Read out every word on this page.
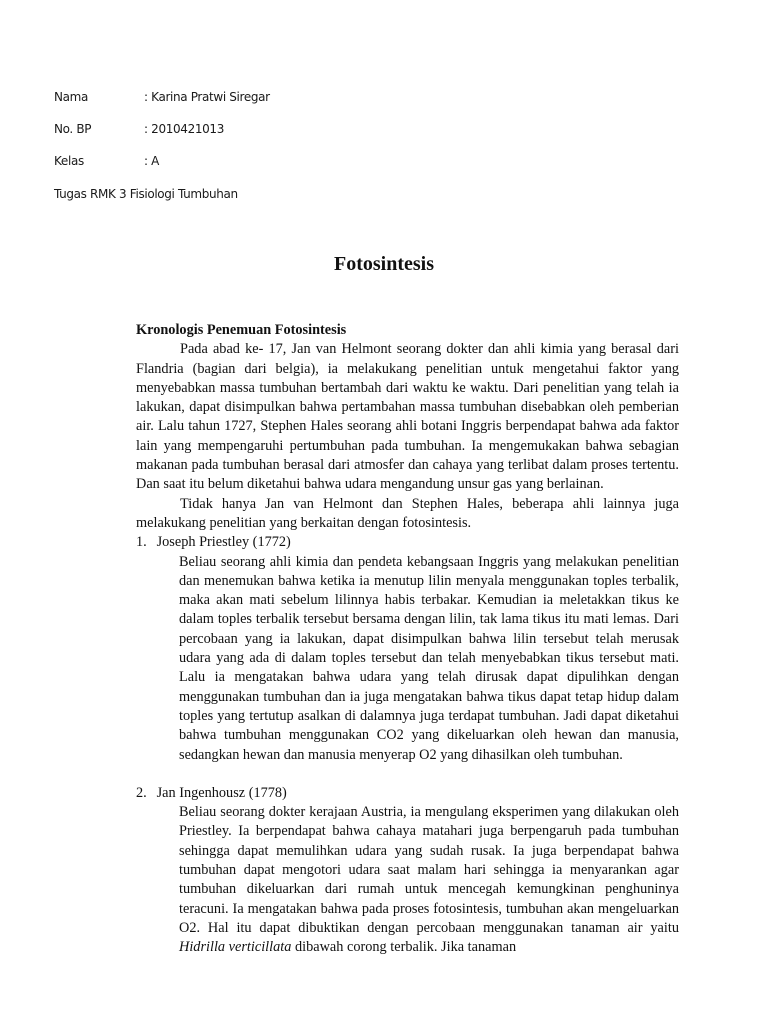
Nama	: Karina Pratwi Siregar
No. BP	: 2010421013
Kelas	: A
Tugas RMK 3 Fisiologi Tumbuhan
Fotosintesis

Kronologis Penemuan Fotosintesis

Pada abad ke- 17, Jan van Helmont seorang dokter dan ahli kimia yang berasal dari Flandria (bagian dari belgia), ia melakukang penelitian untuk mengetahui faktor yang menyebabkan massa tumbuhan bertambah dari waktu ke waktu. Dari penelitian yang telah ia lakukan, dapat disimpulkan bahwa pertambahan massa tumbuhan disebabkan oleh pemberian air. Lalu tahun 1727, Stephen Hales seorang ahli botani Inggris berpendapat bahwa ada faktor lain yang mempengaruhi pertumbuhan pada tumbuhan. Ia mengemukakan bahwa sebagian makanan pada tumbuhan berasal dari atmosfer dan cahaya yang terlibat dalam proses tertentu. Dan saat itu belum diketahui bahwa udara mengandung unsur gas yang berlainan.

Tidak hanya Jan van Helmont dan Stephen Hales, beberapa ahli lainnya juga melakukang penelitian yang berkaitan dengan fotosintesis.

1. Joseph Priestley (1772)

Beliau seorang ahli kimia dan pendeta kebangsaan Inggris yang melakukan penelitian dan menemukan bahwa ketika ia menutup lilin menyala menggunakan toples terbalik, maka akan mati sebelum lilinnya habis terbakar. Kemudian ia meletakkan tikus ke dalam toples terbalik tersebut bersama dengan lilin, tak lama tikus itu mati lemas. Dari percobaan yang ia lakukan, dapat disimpulkan bahwa lilin tersebut telah merusak udara yang ada di dalam toples tersebut dan telah menyebabkan tikus tersebut mati. Lalu ia mengatakan bahwa udara yang telah dirusak dapat dipulihkan dengan menggunakan tumbuhan dan ia juga mengatakan bahwa tikus dapat tetap hidup dalam toples yang tertutup asalkan di dalamnya juga terdapat tumbuhan. Jadi dapat diketahui bahwa tumbuhan menggunakan CO2 yang dikeluarkan oleh hewan dan manusia, sedangkan hewan dan manusia menyerap O2 yang dihasilkan oleh tumbuhan.

2. Jan Ingenhousz (1778)

Beliau seorang dokter kerajaan Austria, ia mengulang eksperimen yang dilakukan oleh Priestley. Ia berpendapat bahwa cahaya matahari juga berpengaruh pada tumbuhan sehingga dapat memulihkan udara yang sudah rusak. Ia juga berpendapat bahwa tumbuhan dapat mengotori udara saat malam hari sehingga ia menyarankan agar tumbuhan dikeluarkan dari rumah untuk mencegah kemungkinan penghuninya teracuni. Ia mengatakan bahwa pada proses fotosintesis, tumbuhan akan mengeluarkan O2. Hal itu dapat dibuktikan dengan percobaan menggunakan tanaman air yaitu Hidrilla verticillata dibawah corong terbalik. Jika tanaman
